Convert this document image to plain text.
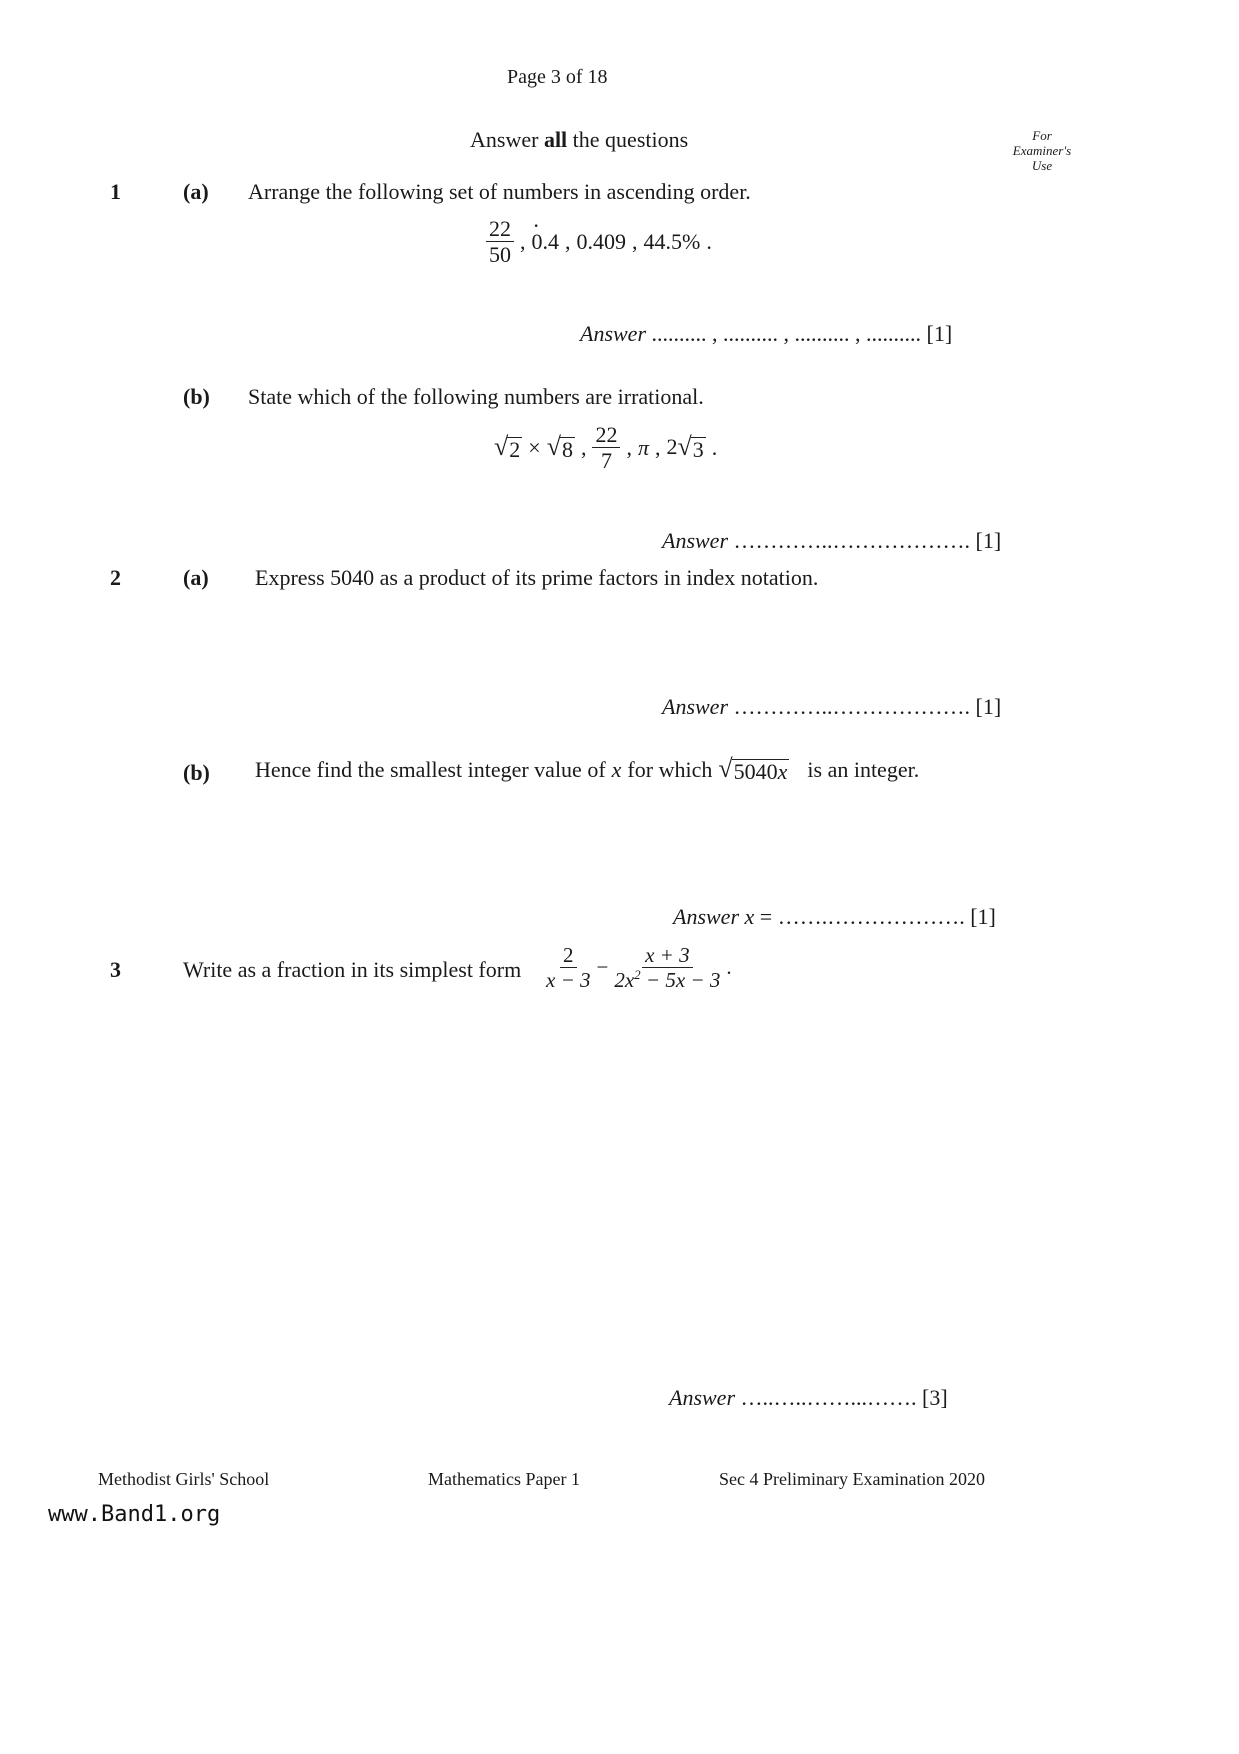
Page 3 of 18
Answer all the questions	For
Examiner's
Use
1	(a) Arrange the following set of numbers in ascending order.
$\frac{22}{50}$ , 0.4 · , 0.409 , 44.5% .
Answer .......... , .......... , .......... , .......... [1]
(b) State which of the following numbers are irrational.
√ 2 × √ 8 , $\frac{22}{7}$ , π , 2 √ 3 .
Answer …………..………………. [1]
2	(a) Express 5040 as a product of its prime factors in index notation.
Answer …………..………………. [1]
(b) Hence find the smallest integer value of x for which √ 5040x is an integer.
Answer x = …….………………. [1]
3	Write as a fraction in its simplest form $\frac{2}{x - 3} - \frac{x + 3}{2x^2 - 5x - 3}$ .
Answer …..…..……...……. [3]
Methodist Girls' School	Mathematics Paper 1	Sec 4 Preliminary Examination 2020
www.Band1.org
